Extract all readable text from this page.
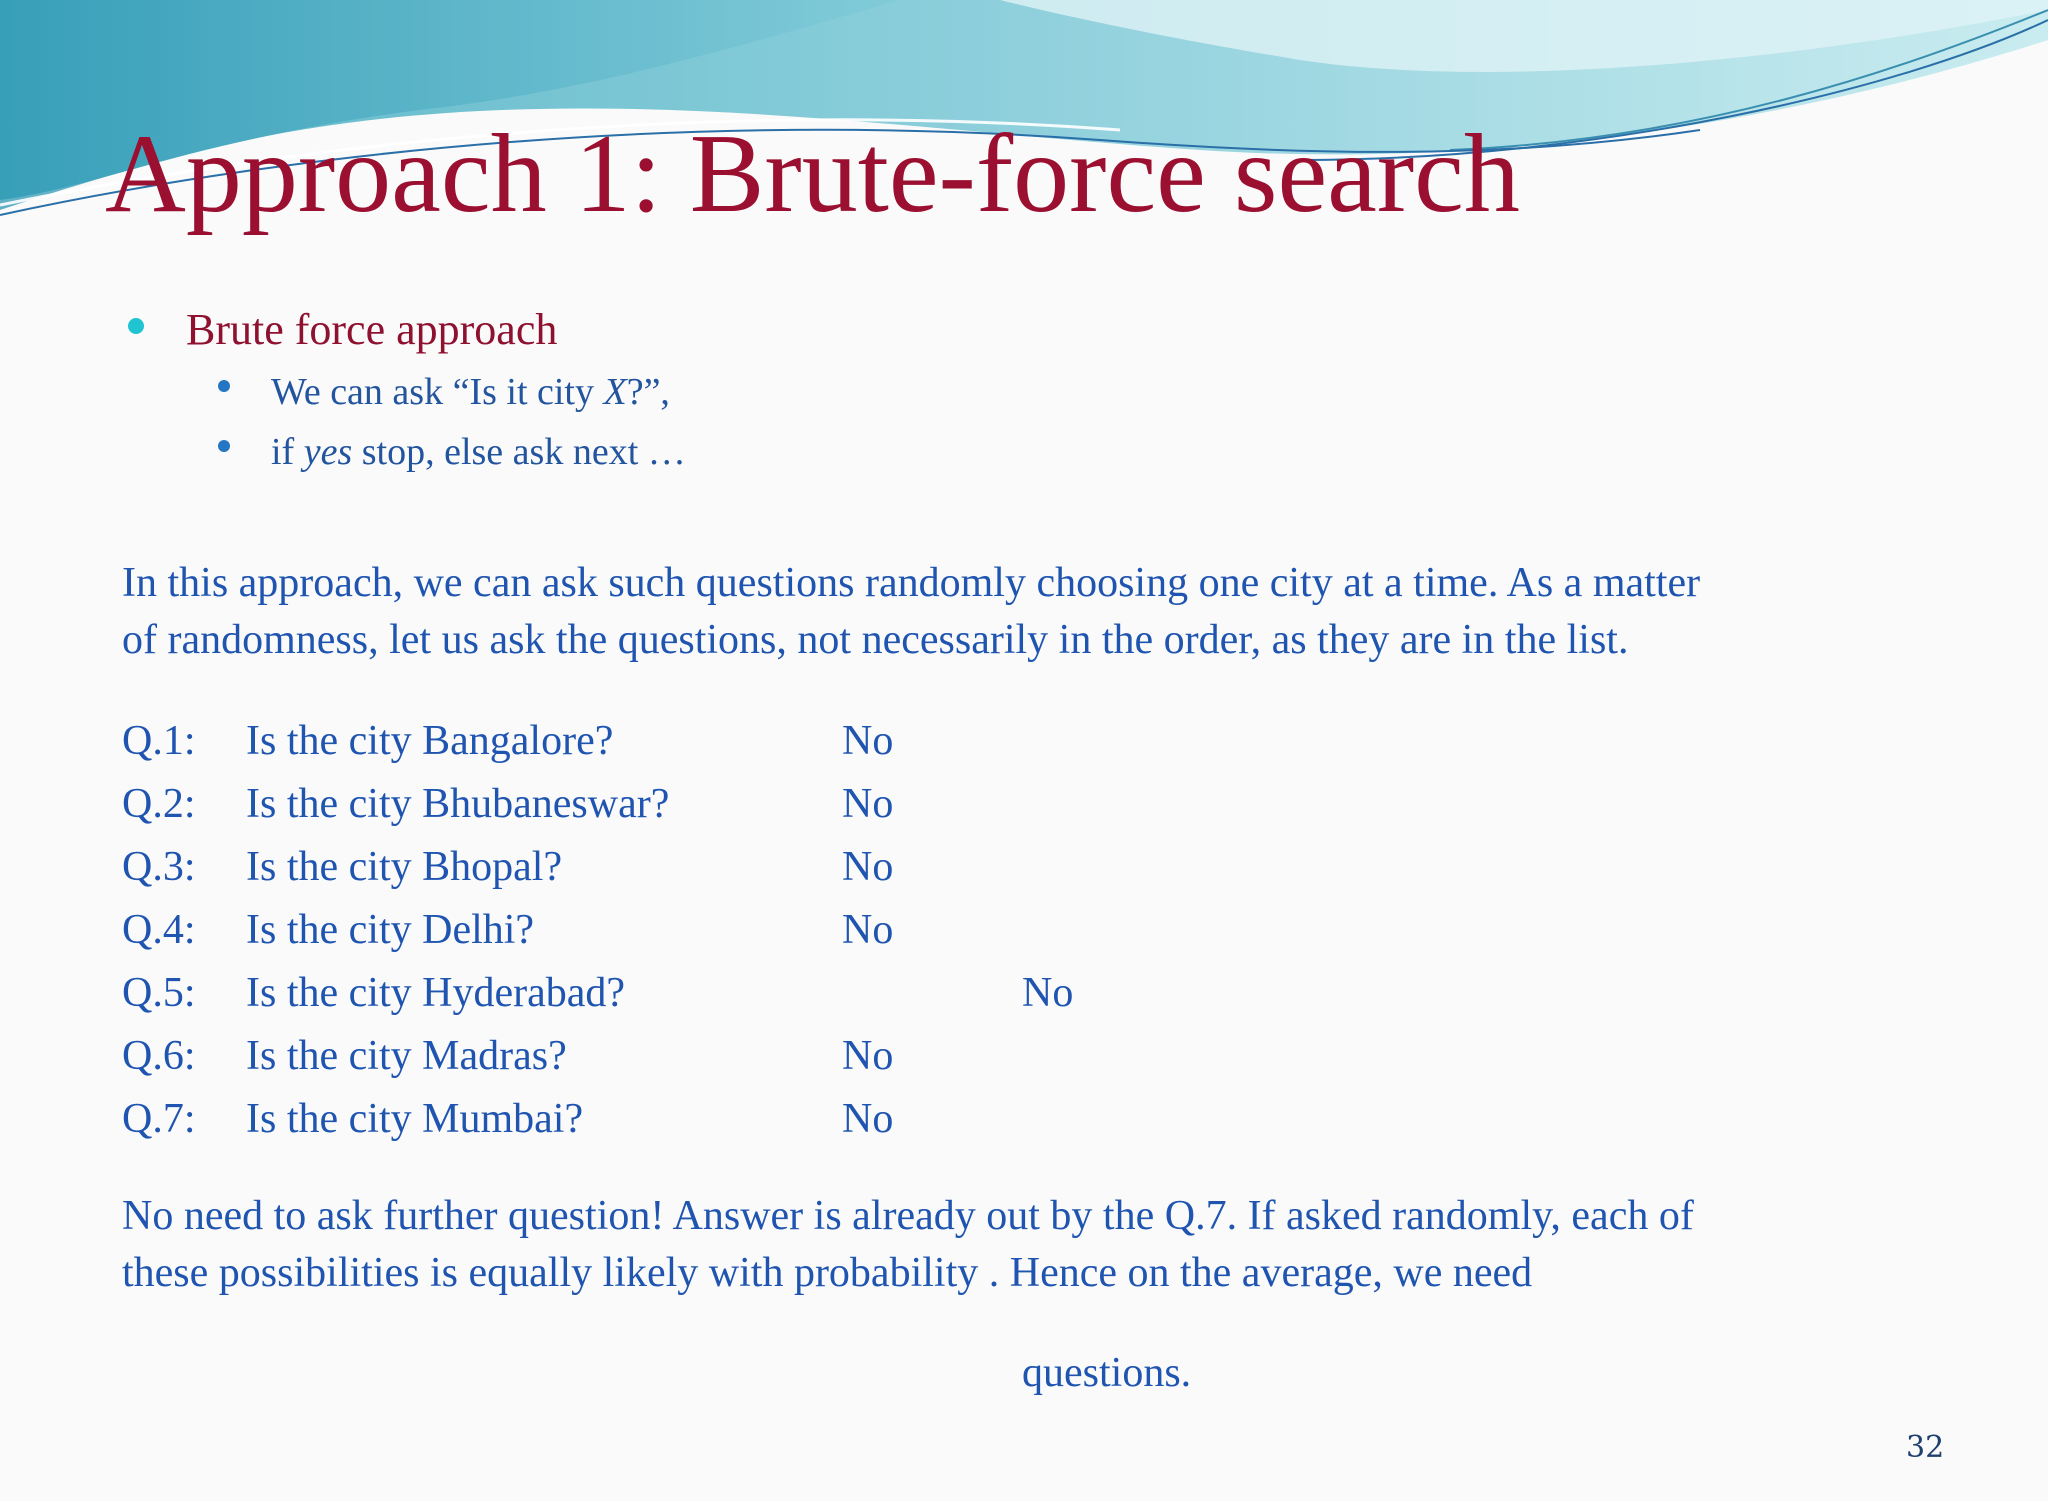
Approach 1: Brute-force search
Brute force approach
We can ask “Is it city X?”,
if yes stop, else ask next …
In this approach, we can ask such questions randomly choosing one city at a time. As a matter
of randomness, let us ask the questions, not necessarily in the order, as they are in the list.
Q.1: Is the city Bangalore?	No
Q.2: Is the city Bhubaneswar?	No
Q.3: Is the city Bhopal?	No
Q.4: Is the city Delhi?	No
Q.5: Is the city Hyderabad?	No
Q.6: Is the city Madras?	No
Q.7: Is the city Mumbai?	No
No need to ask further question! Answer is already out by the Q.7. If asked randomly, each of
these possibilities is equally likely with probability . Hence on the average, we need
questions.
32
